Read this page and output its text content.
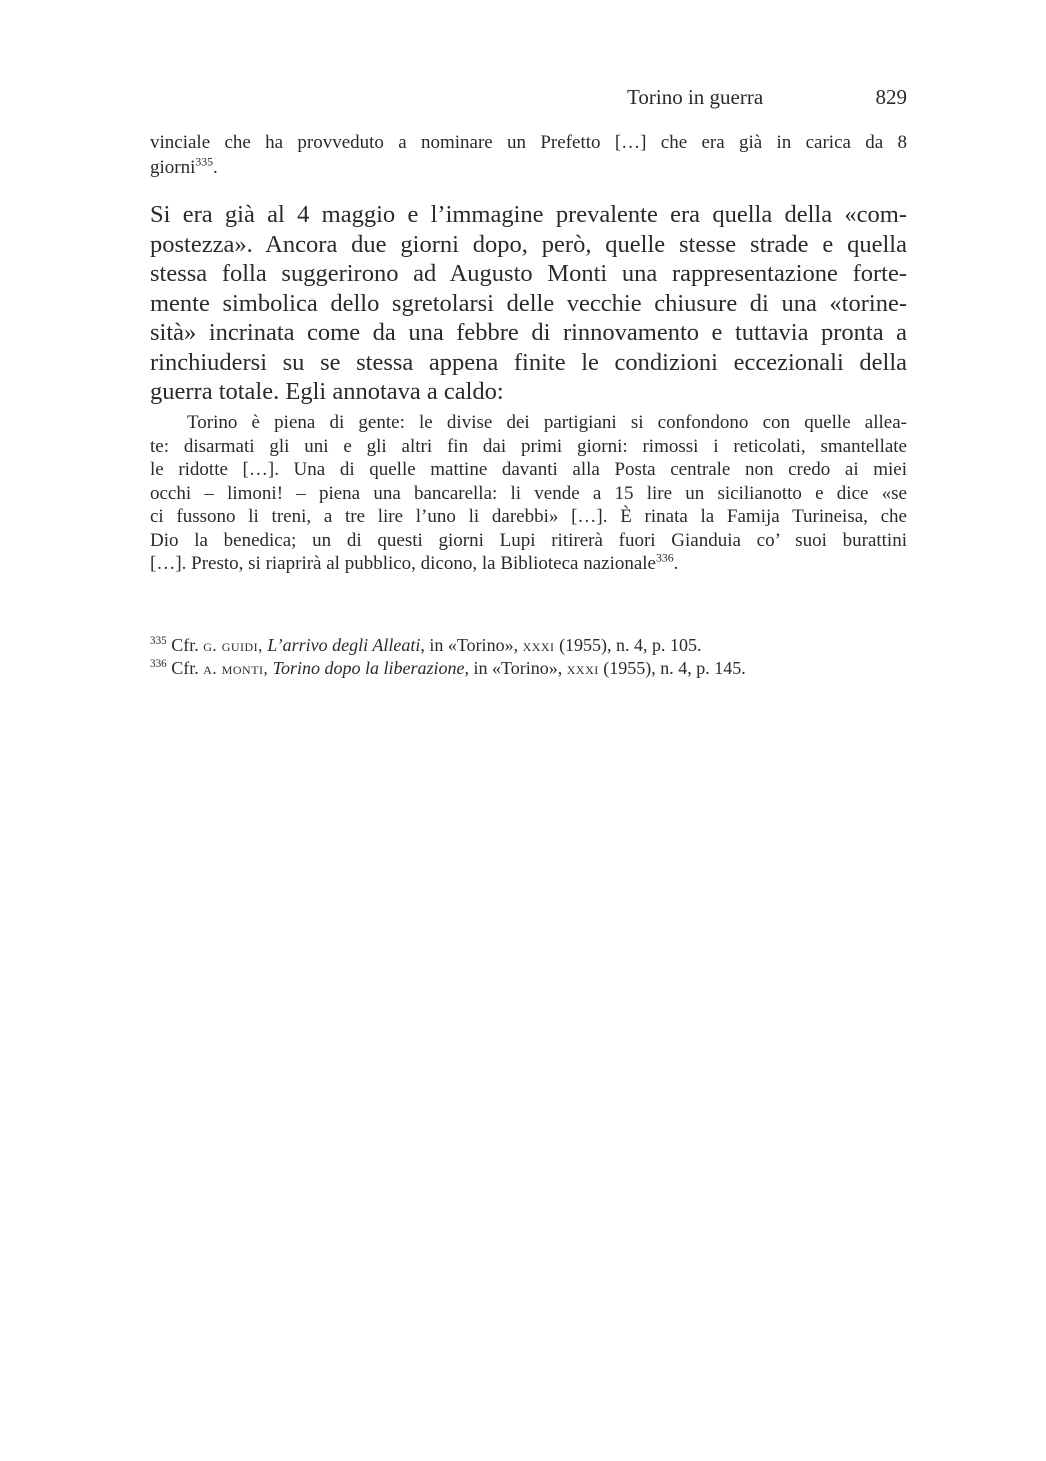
Torino in guerra	829
vinciale che ha provveduto a nominare un Prefetto […] che era già in carica da 8
giorni$^{335}$.
Si era già al 4 maggio e l’immagine prevalente era quella della «com-
postezza». Ancora due giorni dopo, però, quelle stesse strade e quella
stessa folla suggerirono ad Augusto Monti una rappresentazione forte-
mente simbolica dello sgretolarsi delle vecchie chiusure di una «torine-
sità» incrinata come da una febbre di rinnovamento e tuttavia pronta a
rinchiudersi su se stessa appena finite le condizioni eccezionali della
guerra totale. Egli annotava a caldo:
Torino è piena di gente: le divise dei partigiani si confondono con quelle allea-
te: disarmati gli uni e gli altri fin dai primi giorni: rimossi i reticolati, smantellate
le ridotte […]. Una di quelle mattine davanti alla Posta centrale non credo ai miei
occhi – limoni! – piena una bancarella: li vende a 15 lire un sicilianotto e dice «se
ci fussono li treni, a tre lire l’uno li darebbi» […]. È rinata la Famija Turineisa, che
Dio la benedica; un di questi giorni Lupi ritirerà fuori Gianduia co’ suoi burattini
[…]. Presto, si riaprirà al pubblico, dicono, la Biblioteca nazionale$^{336}$.
$^{335}$ Cfr. g. guidi, L’arrivo degli Alleati, in «Torino», xxxi (1955), n. 4, p. 105.
$^{336}$ Cfr. a. monti, Torino dopo la liberazione, in «Torino», xxxi (1955), n. 4, p. 145.
